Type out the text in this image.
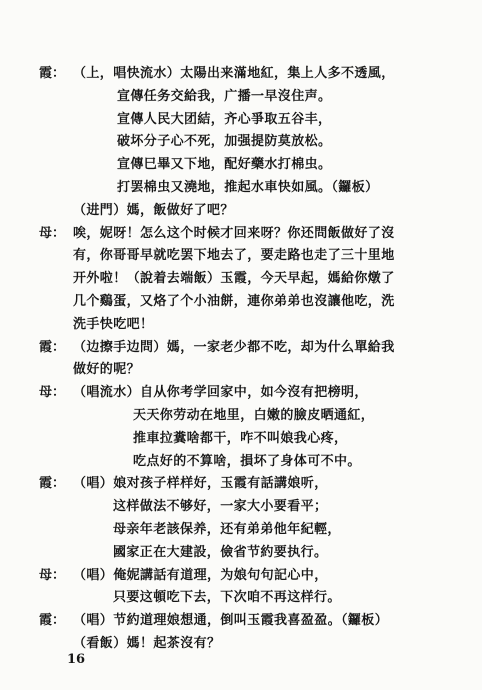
霞： （上，唱快流水）太陽出来滿地紅，集上人多不透風，
宣傳任务交給我，广播一早沒住声。
宣傳人民大团結，齐心爭取五谷丰，
破坏分子心不死，加强提防莫放松。
宣傳巳畢又下地，配好藥水打棉虫。
打罢棉虫又澆地，推起水車快如風。（鑼板）
（进門）媽，飯做好了吧？
母： 唉，妮呀！怎么这个时候才回来呀？你还問飯做好了沒
有，你哥哥早就吃罢下地去了，要走路也走了三十里地
开外啦！（說着去端飯）玉霞，今天早起，媽給你燉了
几个鷄蛋，又烙了个小油餅，連你弟弟也沒讓他吃，洗
洗手快吃吧！
霞： （边擦手边問）媽，一家老少都不吃，却为什么單給我
做好的呢？
母： （唱流水）自从你考学回家中，如今沒有把榜明，
天天你劳动在地里，白嫩的臉皮晒通紅，
推車拉糞啥都干，咋不叫娘我心疼，
吃点好的不算啥，損坏了身体可不中。
霞： （唱）娘对孩子样样好，玉霞有話講娘听，
这样做法不够好，一家大小要看平；
母亲年老該保养，还有弟弟他年紀輕，
國家正在大建設，儉省节約要执行。
母： （唱）俺妮講話有道理，为娘句句記心中，
只要这頓吃下去，下次咱不再这样行。
霞： （唱）节約道理娘想通，倒叫玉霞我喜盈盈。（鑼板）
（看飯）媽！起茶沒有？
16
